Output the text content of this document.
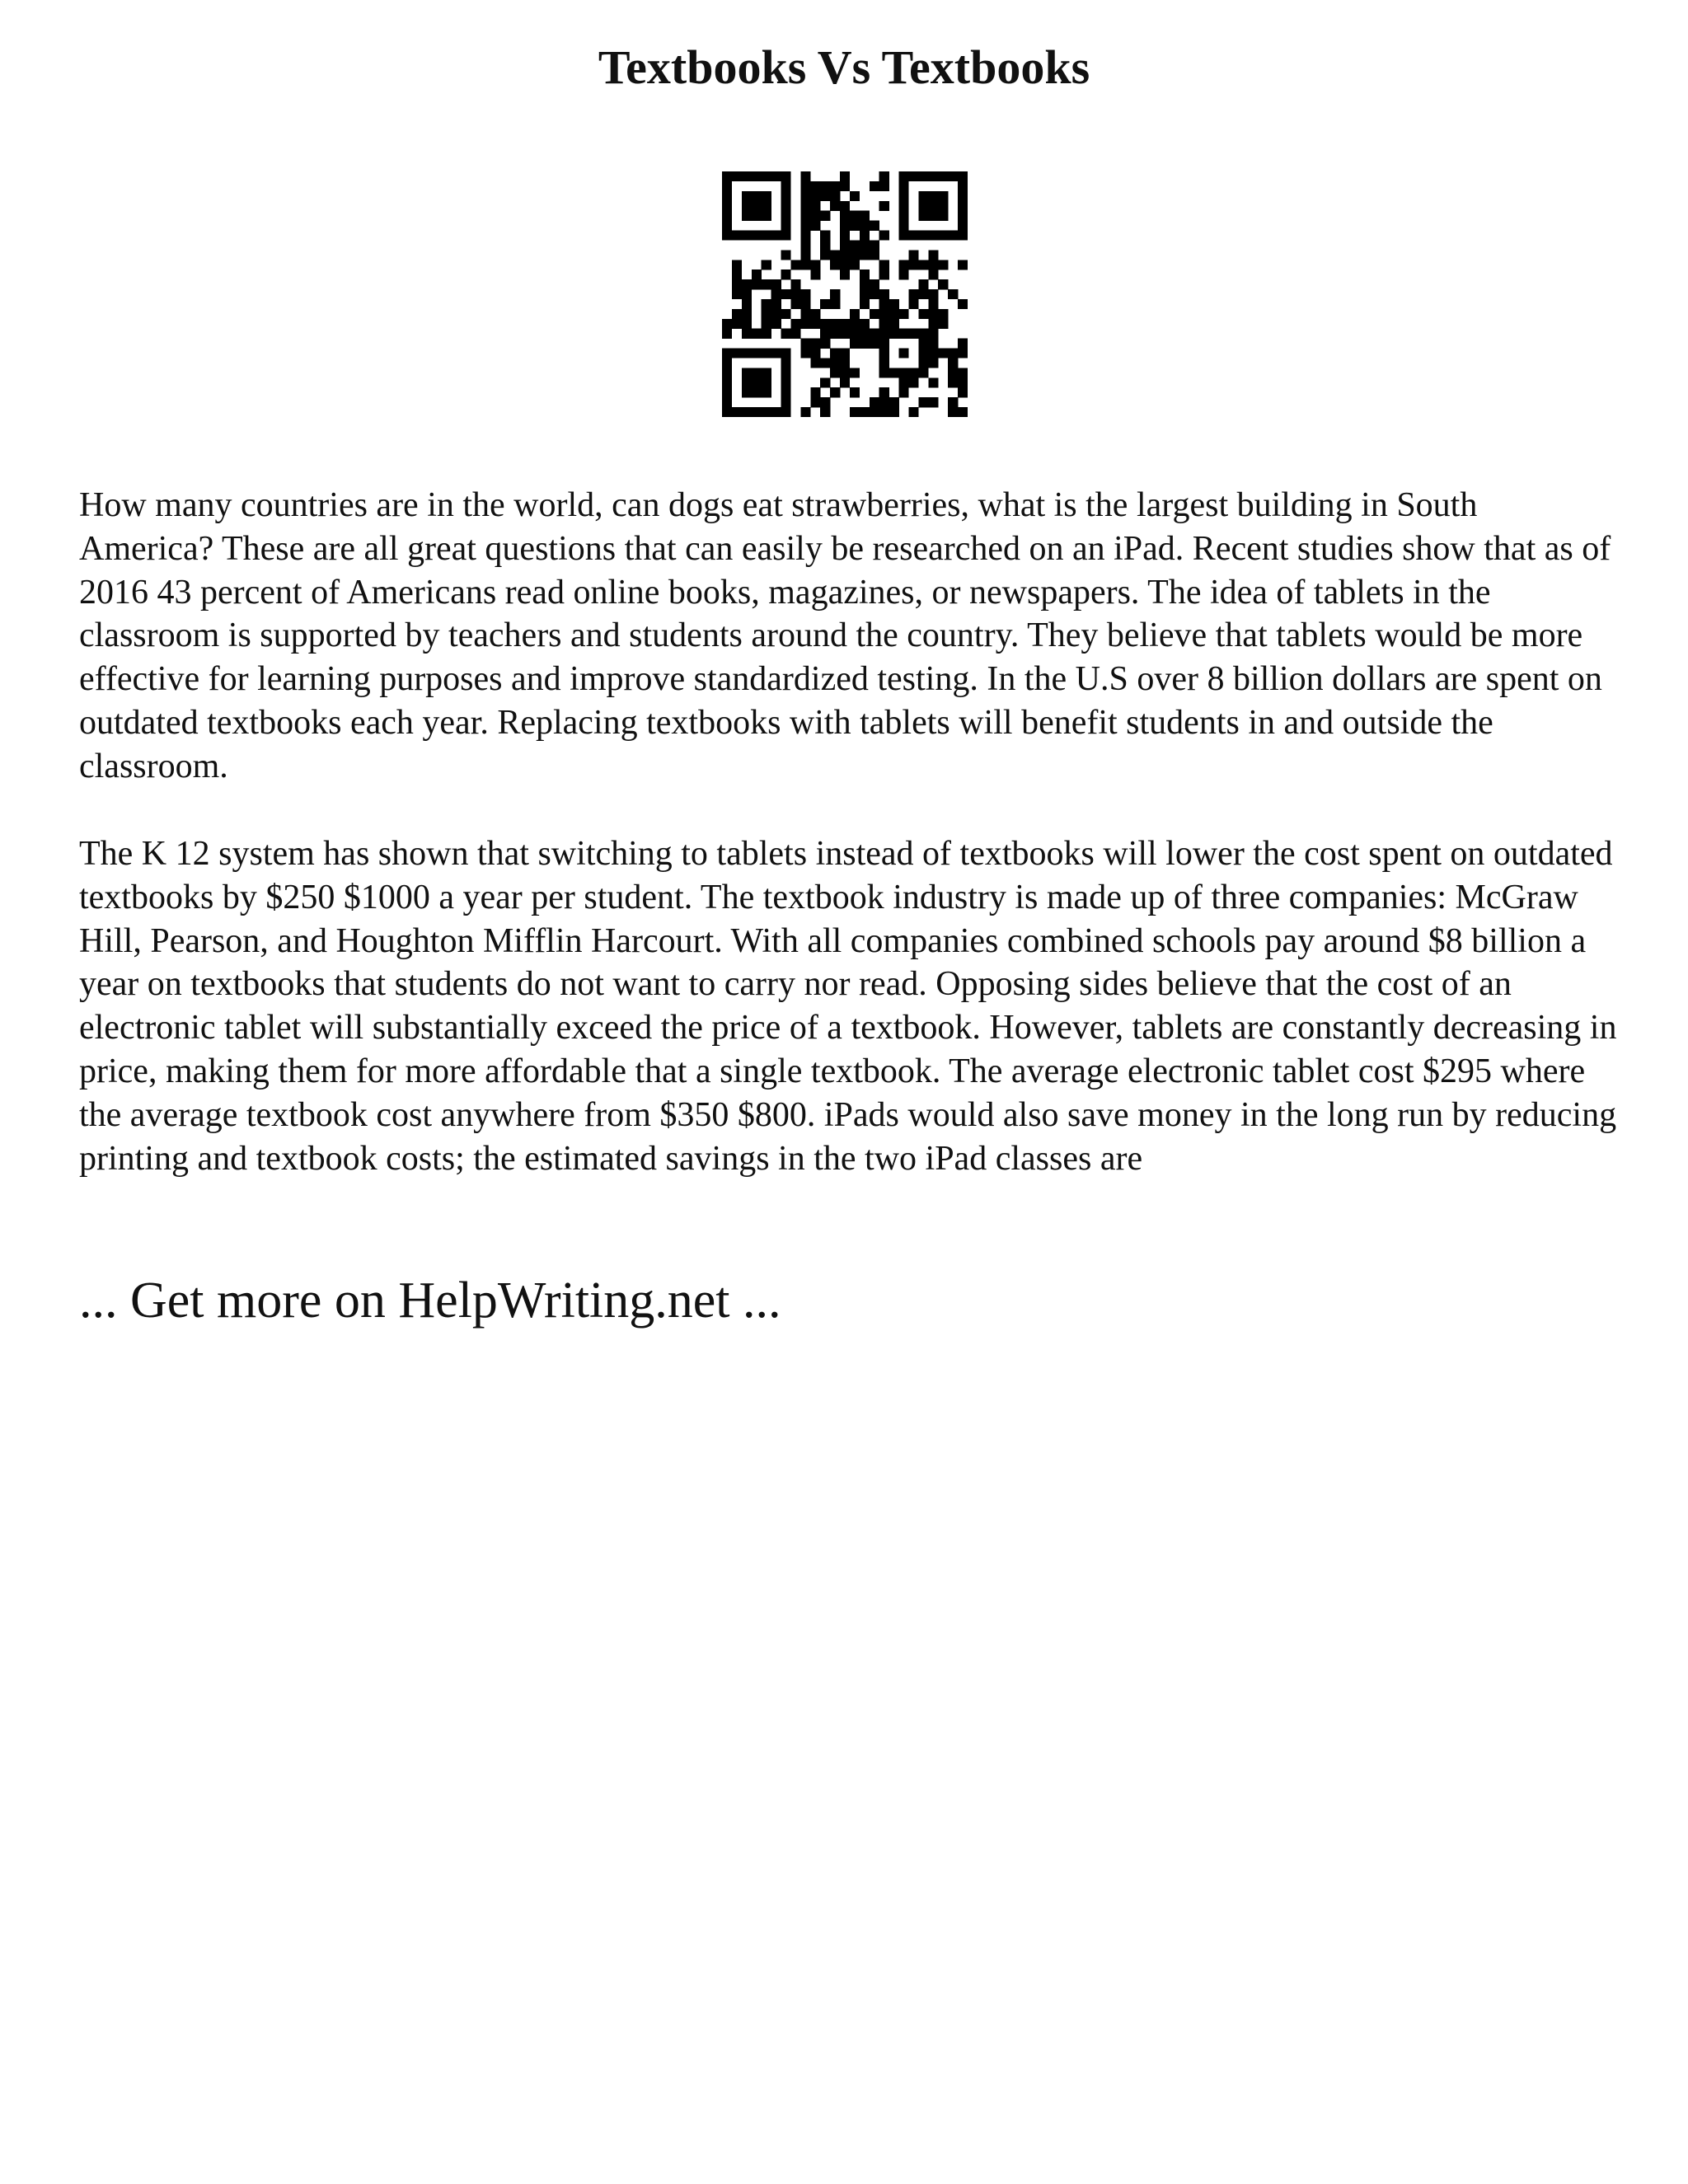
Textbooks Vs Textbooks

How many countries are in the world, can dogs eat strawberries, what is the largest building in South America? These are all great questions that can easily be researched on an iPad. Recent studies show that as of 2016 43 percent of Americans read online books, magazines, or newspapers. The idea of tablets in the classroom is supported by teachers and students around the country. They believe that tablets would be more effective for learning purposes and improve standardized testing. In the U.S over 8 billion dollars are spent on outdated textbooks each year. Replacing textbooks with tablets will benefit students in and outside the classroom.

The K 12 system has shown that switching to tablets instead of textbooks will lower the cost spent on outdated textbooks by $250 $1000 a year per student. The textbook industry is made up of three companies: McGraw Hill, Pearson, and Houghton Mifflin Harcourt. With all companies combined schools pay around $8 billion a year on textbooks that students do not want to carry nor read. Opposing sides believe that the cost of an electronic tablet will substantially exceed the price of a textbook. However, tablets are constantly decreasing in price, making them for more affordable that a single textbook. The average electronic tablet cost $295 where the average textbook cost anywhere from $350 $800. iPads would also save money in the long run by reducing printing and textbook costs; the estimated savings in the two iPad classes are

... Get more on HelpWriting.net ...
